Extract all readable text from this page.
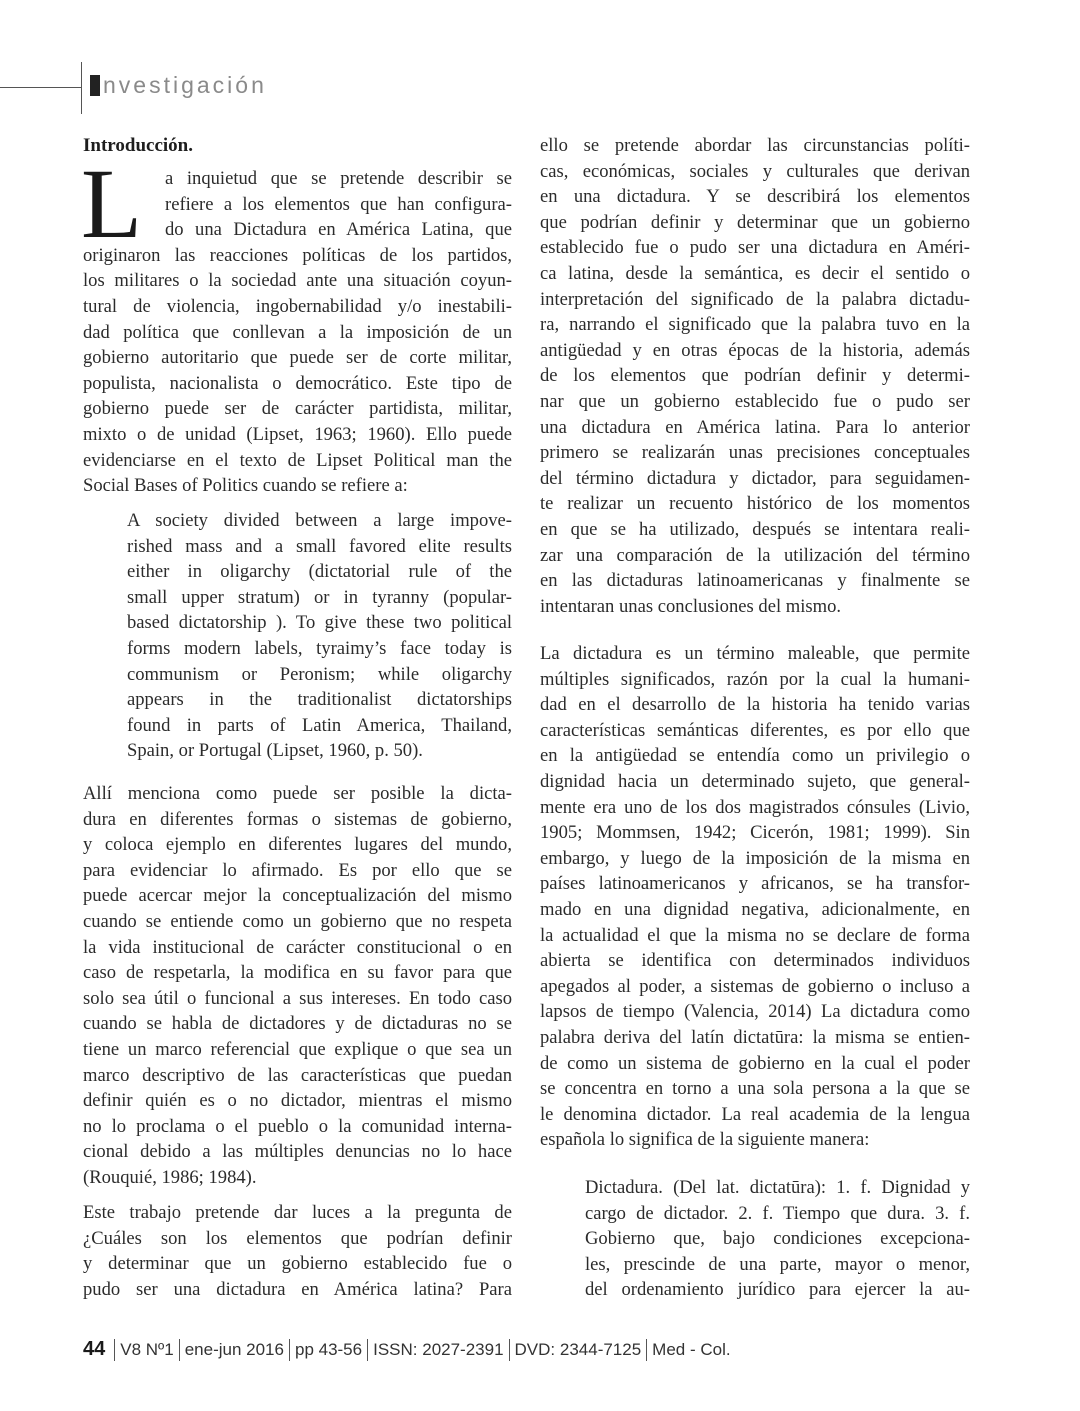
nvestigación
Introducción.
L	a inquietud que se pretende describir se
refiere a los elementos que han configura-
do una Dictadura en América Latina, que
originaron las reacciones políticas de los partidos,
los militares o la sociedad ante una situación coyun-
tural de violencia, ingobernabilidad y/o inestabili-
dad política que conllevan a la imposición de un
gobierno autoritario que puede ser de corte militar,
populista, nacionalista o democrático. Este tipo de
gobierno puede ser de carácter partidista, militar,
mixto o de unidad (Lipset, 1963; 1960). Ello puede
evidenciarse en el texto de Lipset Political man the
Social Bases of Politics cuando se refiere a:
A society divided between a large impove-
rished mass and a small favored elite results
either in oligarchy (dictatorial rule of the
small upper stratum) or in tyranny (popular-
based dictatorship ). To give these two political
forms modern labels, tyraimy’s face today is
communism or Peronism; while oligarchy
appears in the traditionalist dictatorships
found in parts of Latin America, Thailand,
Spain, or Portugal (Lipset, 1960, p. 50).
Allí menciona como puede ser posible la dicta-
dura en diferentes formas o sistemas de gobierno,
y coloca ejemplo en diferentes lugares del mundo,
para evidenciar lo afirmado. Es por ello que se
puede acercar mejor la conceptualización del mismo
cuando se entiende como un gobierno que no respeta
la vida institucional de carácter constitucional o en
caso de respetarla, la modifica en su favor para que
solo sea útil o funcional a sus intereses. En todo caso
cuando se habla de dictadores y de dictaduras no se
tiene un marco referencial que explique o que sea un
marco descriptivo de las características que puedan
definir quién es o no dictador, mientras el mismo
no lo proclama o el pueblo o la comunidad interna-
cional debido a las múltiples denuncias no lo hace
(Rouquié, 1986; 1984).
Este trabajo pretende dar luces a la pregunta de
¿Cuáles son los elementos que podrían definir
y determinar que un gobierno establecido fue o
pudo ser una dictadura en América latina? Para
ello se pretende abordar las circunstancias políti-
cas, económicas, sociales y culturales que derivan
en una dictadura. Y se describirá los elementos
que podrían definir y determinar que un gobierno
establecido fue o pudo ser una dictadura en Améri-
ca latina, desde la semántica, es decir el sentido o
interpretación del significado de la palabra dictadu-
ra, narrando el significado que la palabra tuvo en la
antigüedad y en otras épocas de la historia, además
de los elementos que podrían definir y determi-
nar que un gobierno establecido fue o pudo ser
una dictadura en América latina. Para lo anterior
primero se realizarán unas precisiones conceptuales
del término dictadura y dictador, para seguidamen-
te realizar un recuento histórico de los momentos
en que se ha utilizado, después se intentara reali-
zar una comparación de la utilización del término
en las dictaduras latinoamericanas y finalmente se
intentaran unas conclusiones del mismo.
La dictadura es un término maleable, que permite
múltiples significados, razón por la cual la humani-
dad en el desarrollo de la historia ha tenido varias
características semánticas diferentes, es por ello que
en la antigüedad se entendía como un privilegio o
dignidad hacia un determinado sujeto, que general-
mente era uno de los dos magistrados cónsules (Livio,
1905; Mommsen, 1942; Cicerón, 1981; 1999). Sin
embargo, y luego de la imposición de la misma en
países latinoamericanos y africanos, se ha transfor-
mado en una dignidad negativa, adicionalmente, en
la actualidad el que la misma no se declare de forma
abierta se identifica con determinados individuos
apegados al poder, a sistemas de gobierno o incluso a
lapsos de tiempo (Valencia, 2014) La dictadura como
palabra deriva del latín dictatūra: la misma se entien-
de como un sistema de gobierno en la cual el poder
se concentra en torno a una sola persona a la que se
le denomina dictador. La real academia de la lengua
española lo significa de la siguiente manera:
Dictadura. (Del lat. dictatūra): 1. f. Dignidad y
cargo de dictador. 2. f. Tiempo que dura. 3. f.
Gobierno que, bajo condiciones excepciona-
les, prescinde de una parte, mayor o menor,
del ordenamiento jurídico para ejercer la au-
44 V8 Nº1 ene-jun 2016 pp 43-56 ISSN: 2027-2391 DVD: 2344-7125 Med - Col.
